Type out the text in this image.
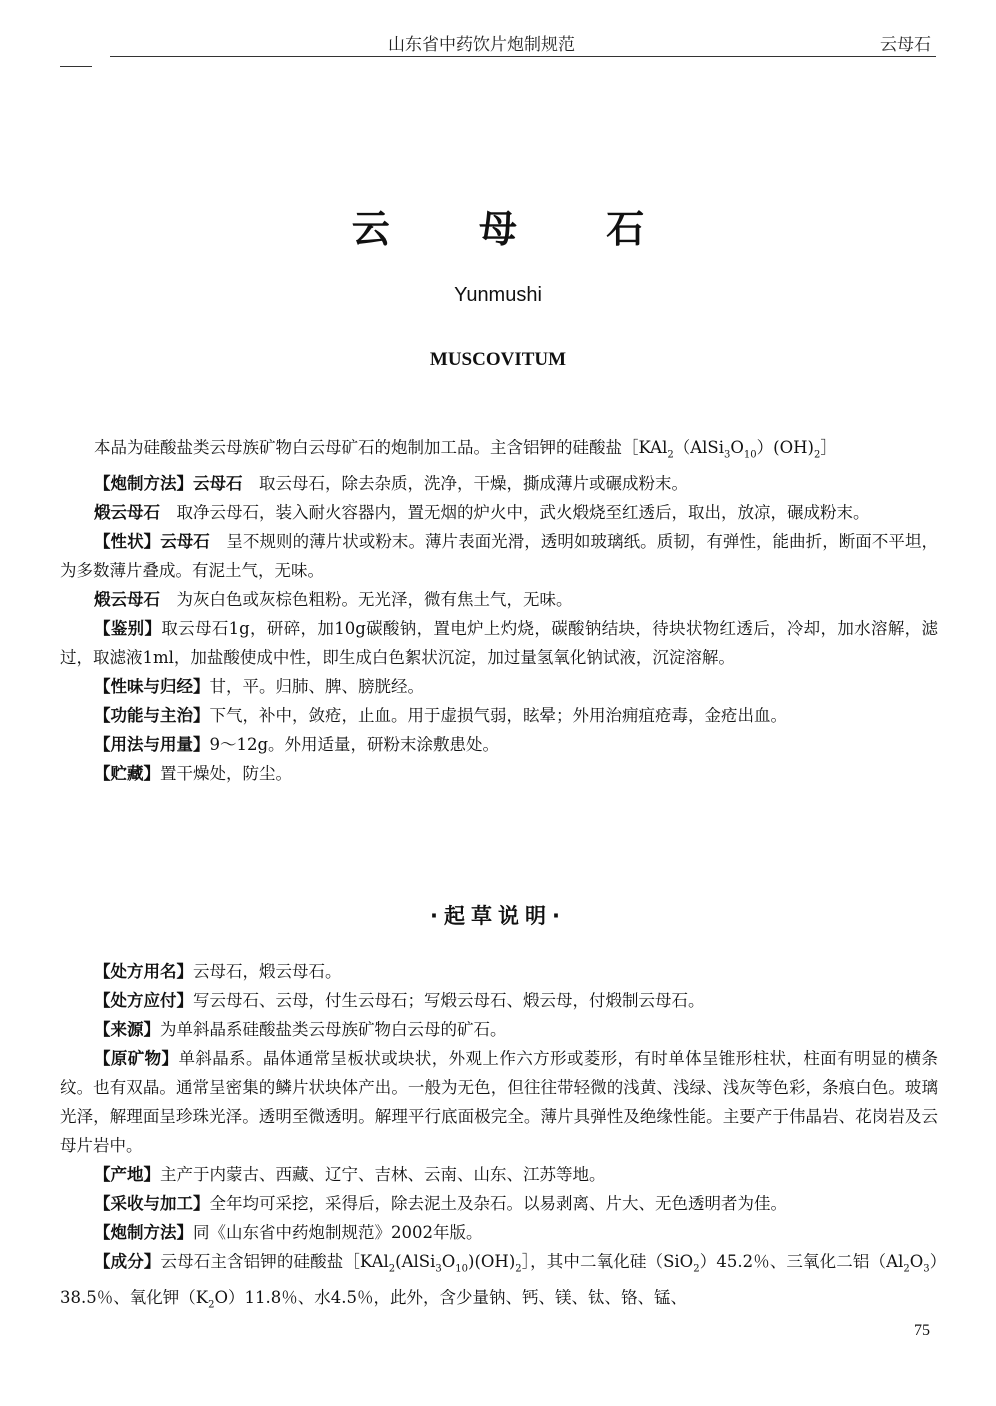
山东省中药饮片炮制规范	云母石
云 母 石
Yunmushi
MUSCOVITUM

本品为硅酸盐类云母族矿物白云母矿石的炮制加工品。主含铝钾的硅酸盐$[KAl_2(AlSi_3O_{10})(OH)_2]$

【炮制方法】云母石　取云母石，除去杂质，洗净，干燥，撕成薄片或碾成粉末。

煅云母石　取净云母石，装入耐火容器内，置无烟的炉火中，武火煅烧至红透后，取出，放凉，碾成粉末。

【性状】云母石　呈不规则的薄片状或粉末。薄片表面光滑，透明如玻璃纸。质韧，有弹性，能曲折，断面不平坦，为多数薄片叠成。有泥土气，无味。

煅云母石　为灰白色或灰棕色粗粉。无光泽，微有焦土气，无味。

【鉴别】取云母石1g，研碎，加10g碳酸钠，置电炉上灼烧，碳酸钠结块，待块状物红透后，冷却，加水溶解，滤过，取滤液1ml，加盐酸使成中性，即生成白色絮状沉淀，加过量氢氧化钠试液，沉淀溶解。

【性味与归经】甘，平。归肺、脾、膀胱经。

【功能与主治】下气，补中，敛疮，止血。用于虚损气弱，眩晕；外用治痈疽疮毒，金疮出血。

【用法与用量】9～12g。外用适量，研粉末涂敷患处。

【贮藏】置干燥处，防尘。

·起草说明·

【处方用名】云母石，煅云母石。

【处方应付】写云母石、云母，付生云母石；写煅云母石、煅云母，付煅制云母石。

【来源】为单斜晶系硅酸盐类云母族矿物白云母的矿石。

【原矿物】单斜晶系。晶体通常呈板状或块状，外观上作六方形或菱形，有时单体呈锥形柱状，柱面有明显的横条纹。也有双晶。通常呈密集的鳞片状块体产出。一般为无色，但往往带轻微的浅黄、浅绿、浅灰等色彩，条痕白色。玻璃光泽，解理面呈珍珠光泽。透明至微透明。解理平行底面极完全。薄片具弹性及绝缘性能。主要产于伟晶岩、花岗岩及云母片岩中。

【产地】主产于内蒙古、西藏、辽宁、吉林、云南、山东、江苏等地。

【采收与加工】全年均可采挖，采得后，除去泥土及杂石。以易剥离、片大、无色透明者为佳。

【炮制方法】同《山东省中药炮制规范》2002年版。

【成分】云母石主含铝钾的硅酸盐$[KAl_2(AlSi_3O_{10})(OH)_2]$，其中二氧化硅（SiO$_2$）45.2％、三氧化二铝$(Al_2O_3)38.5$％、氧化钾$(K_2O)11.8$％、水4.5％，此外，含少量钠、钙、镁、钛、铬、锰、

75
